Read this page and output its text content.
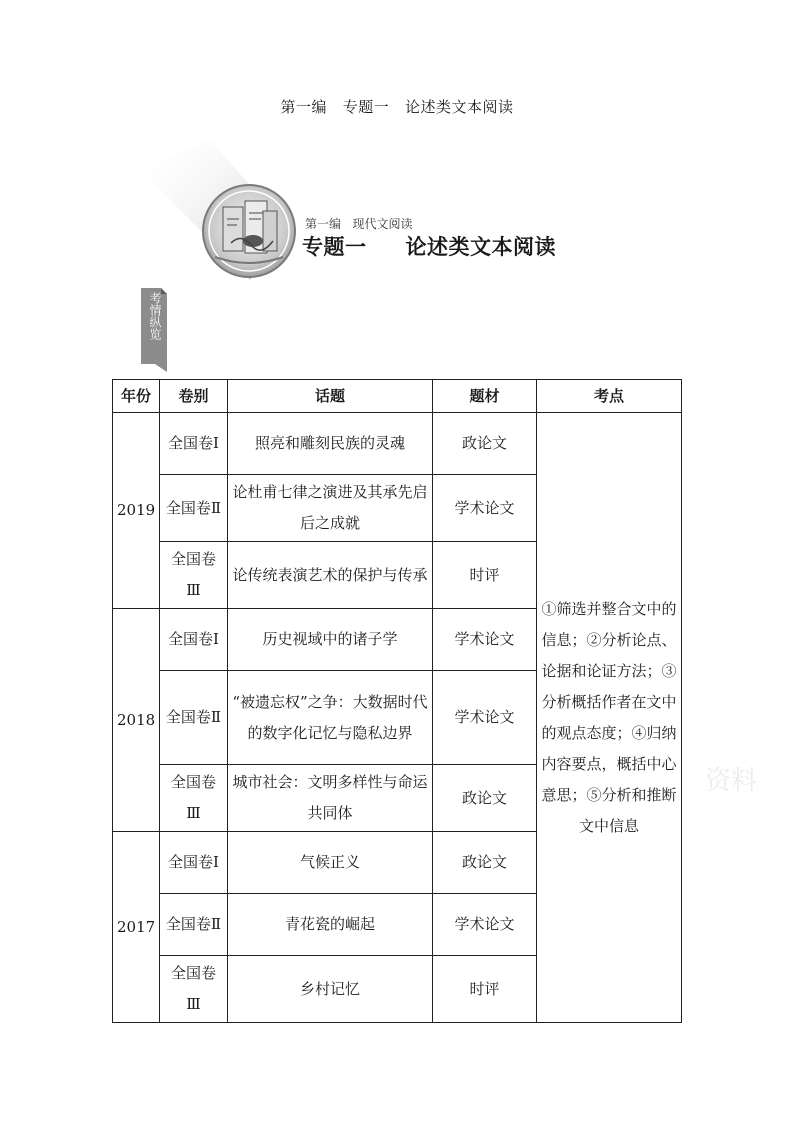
第一编   专题一   论述类文本阅读
第一编   现代文阅读
专题一     论述类文本阅读
考情纵览
年份	卷别	话题	题材	考点
2019	全国卷Ⅰ	照亮和雕刻民族的灵魂	政论文	①筛选并整合文中的信息；②分析论点、论据和论证方法；③分析概括作者在文中的观点态度；④归纳内容要点，概括中心意思；⑤分析和推断文中信息
	全国卷Ⅱ	论杜甫七律之演进及其承先启后之成就	学术论文	
	全国卷Ⅲ	论传统表演艺术的保护与传承	时评	
2018	全国卷Ⅰ	历史视域中的诸子学	学术论文	
	全国卷Ⅱ	“被遗忘权”之争：大数据时代的数字化记忆与隐私边界	学术论文	
	全国卷Ⅲ	城市社会：文明多样性与命运共同体	政论文	
2017	全国卷Ⅰ	气候正义	政论文	
	全国卷Ⅱ	青花瓷的崛起	学术论文	
	全国卷Ⅲ	乡村记忆	时评	
资料
